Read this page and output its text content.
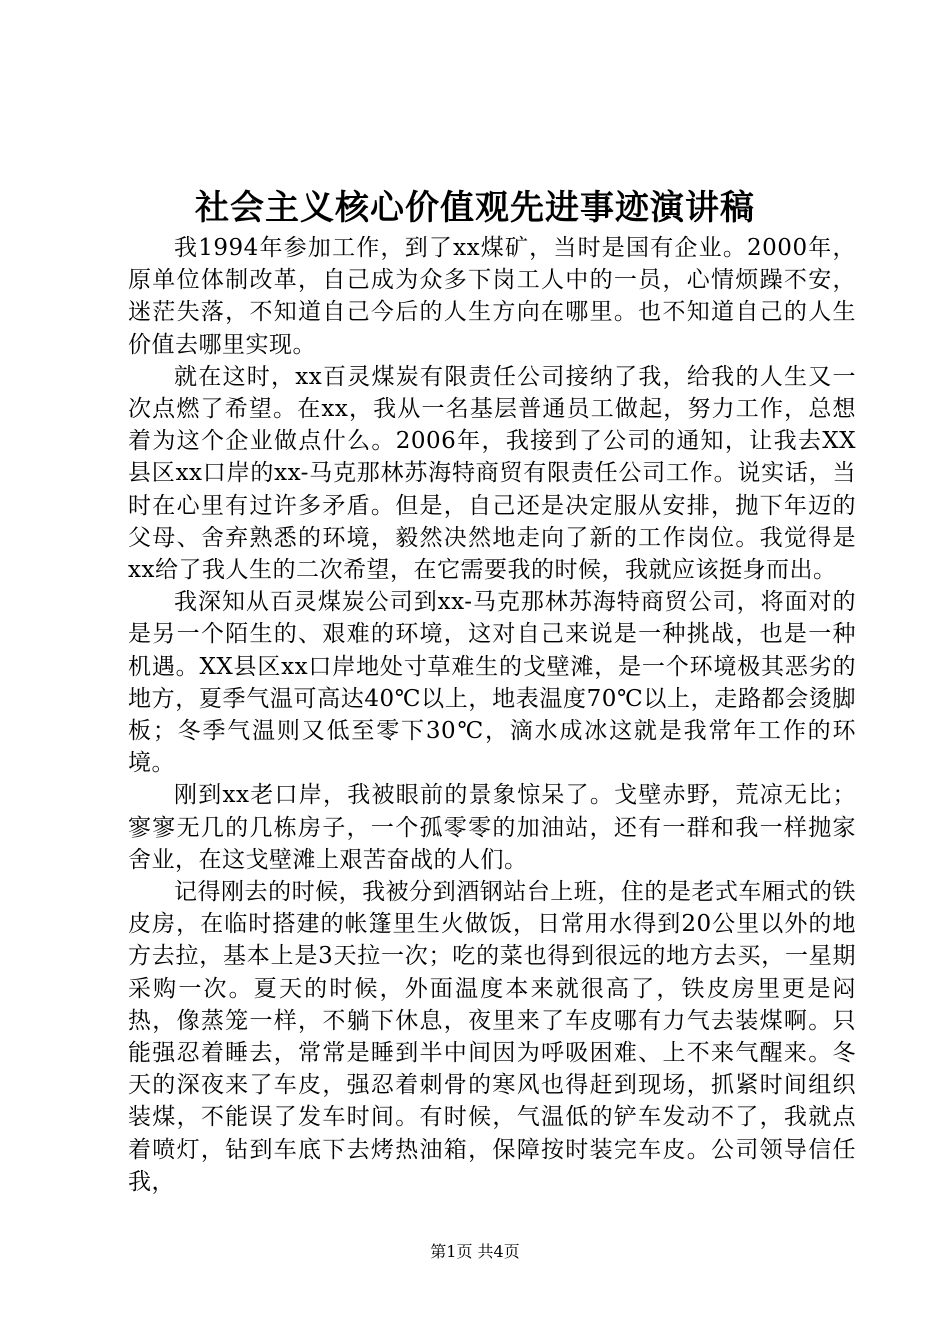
社会主义核心价值观先进事迹演讲稿

我1994年参加工作，到了xx煤矿，当时是国有企业。2000年，原单位体制改革，自己成为众多下岗工人中的一员，心情烦躁不安，迷茫失落，不知道自己今后的人生方向在哪里。也不知道自己的人生价值去哪里实现。

就在这时，xx百灵煤炭有限责任公司接纳了我，给我的人生又一次点燃了希望。在xx，我从一名基层普通员工做起，努力工作，总想着为这个企业做点什么。2006年，我接到了公司的通知，让我去XX县区xx口岸的xx-马克那林苏海特商贸有限责任公司工作。说实话，当时在心里有过许多矛盾。但是，自己还是决定服从安排，抛下年迈的父母、舍弃熟悉的环境，毅然决然地走向了新的工作岗位。我觉得是xx给了我人生的二次希望，在它需要我的时候，我就应该挺身而出。

我深知从百灵煤炭公司到xx-马克那林苏海特商贸公司，将面对的是另一个陌生的、艰难的环境，这对自己来说是一种挑战，也是一种机遇。XX县区xx口岸地处寸草难生的戈壁滩，是一个环境极其恶劣的地方，夏季气温可高达40℃以上，地表温度70℃以上，走路都会烫脚板；冬季气温则又低至零下30℃，滴水成冰这就是我常年工作的环境。

刚到xx老口岸，我被眼前的景象惊呆了。戈壁赤野，荒凉无比；寥寥无几的几栋房子，一个孤零零的加油站，还有一群和我一样抛家舍业，在这戈壁滩上艰苦奋战的人们。

记得刚去的时候，我被分到酒钢站台上班，住的是老式车厢式的铁皮房，在临时搭建的帐篷里生火做饭，日常用水得到20公里以外的地方去拉，基本上是3天拉一次；吃的菜也得到很远的地方去买，一星期采购一次。夏天的时候，外面温度本来就很高了，铁皮房里更是闷热，像蒸笼一样，不躺下休息，夜里来了车皮哪有力气去装煤啊。只能强忍着睡去，常常是睡到半中间因为呼吸困难、上不来气醒来。冬天的深夜来了车皮，强忍着刺骨的寒风也得赶到现场，抓紧时间组织装煤，不能误了发车时间。有时候，气温低的铲车发动不了，我就点着喷灯，钻到车底下去烤热油箱，保障按时装完车皮。公司领导信任我，

第1页 共4页
